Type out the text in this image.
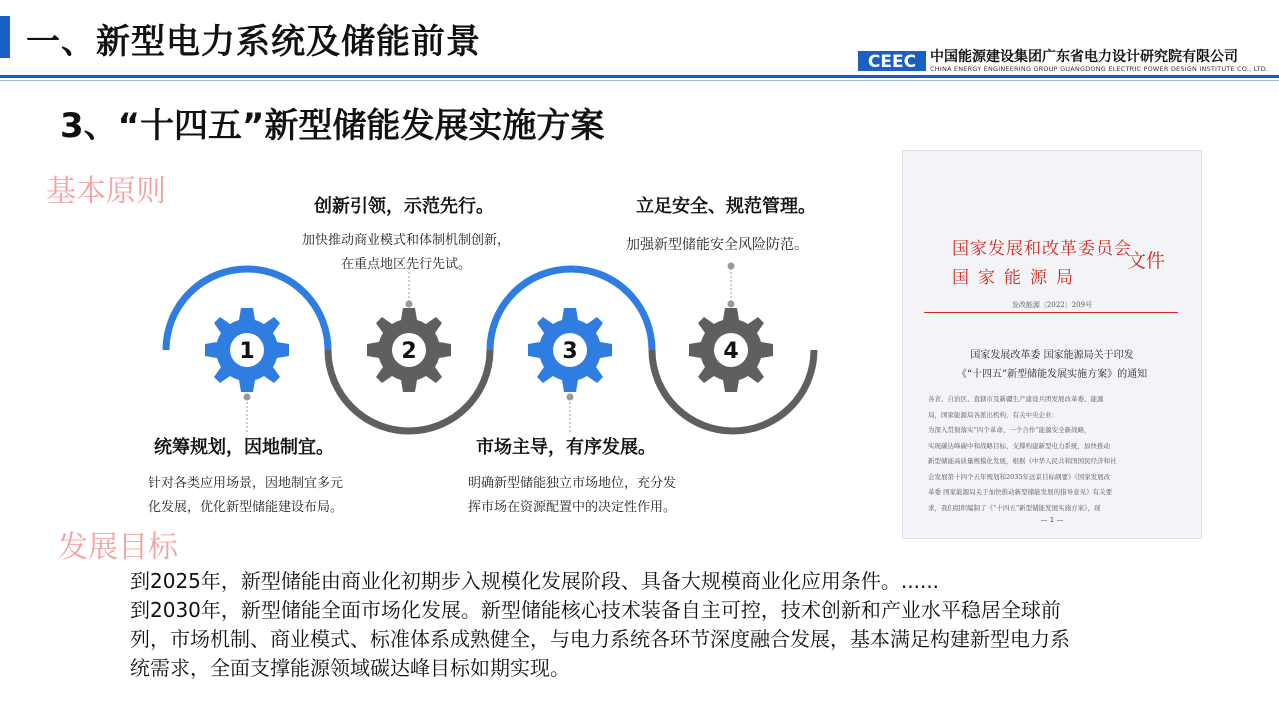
一、新型电力系统及储能前景	CEEC 中国能源建设集团广东省电力设计研究院有限公司
CHINA ENERGY ENGINEERING GROUP GUANGDONG ELECTRIC POWER DESIGN INSTITUTE CO., LTD.
3、“十四五”新型储能发展实施方案
基本原则
发展目标
1	2	3	4
创新引领，示范先行。
加快推动商业模式和体制机制创新，
在重点地区先行先试。
立足安全、规范管理。
加强新型储能安全风险防范。
统筹规划，因地制宜。
针对各类应用场景，因地制宜多元
化发展，优化新型储能建设布局。
市场主导，有序发展。
明确新型储能独立市场地位，充分发
挥市场在资源配置中的决定性作用。
国家发展和改革委员会
国家能源局
文件
发改能源〔2022〕209号
国家发展改革委 国家能源局关于印发
《“十四五”新型储能发展实施方案》的通知
各省、自治区、直辖市及新疆生产建设兵团发展改革委、能源
局，国家能源局各派出机构，有关中央企业：
为深入贯彻落实“四个革命、一个合作”能源安全新战略，
实现碳达峰碳中和战略目标，支撑构建新型电力系统，加快推动
新型储能高质量规模化发展，根据《中华人民共和国国民经济和社
会发展第十四个五年规划和2035年远景目标纲要》《国家发展改
革委 国家能源局关于加快推动新型储能发展的指导意见》有关要
求，我们组织编制了《“十四五”新型储能发展实施方案》，现
— 1 —
到2025年，新型储能由商业化初期步入规模化发展阶段、具备大规模商业化应用条件。......
到2030年，新型储能全面市场化发展。新型储能核心技术装备自主可控，技术创新和产业水平稳居全球前
列，市场机制、商业模式、标准体系成熟健全，与电力系统各环节深度融合发展，基本满足构建新型电力系
统需求，全面支撑能源领域碳达峰目标如期实现。
